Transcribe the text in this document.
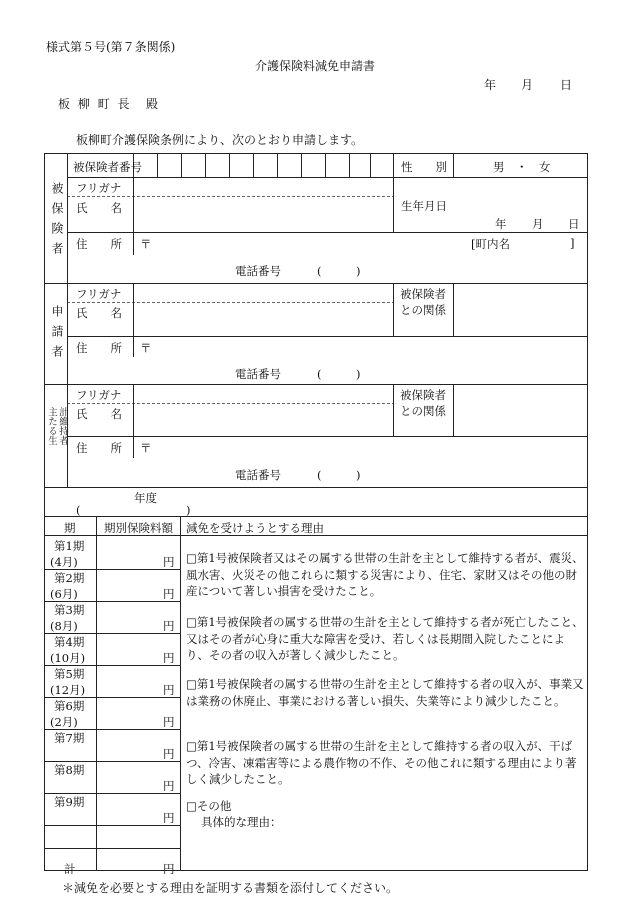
様式第５号(第７条関係)
介護保険料減免申請書
年 月 日
板 柳 町 長 殿
板柳町介護保険条例により、次のとおり申請します。
被保険者
被保険者番号	性　　別	男　・　女
フリガナ
氏　　名	生年月日
年 月 日
住　　所 〒	[町内名	]
電話番号	(　　　)
申請者
フリガナ
氏　　名
被保険者
との関係
住　　所 〒
電話番号	(　　　)
計維持者
主たる生
フリガナ
氏　　名
被保険者
との関係
住　　所 〒
電話番号	(　　　)
年度
(	)
期 期別保険料額 減免を受けようとする理由
第1期
(4月)	円
第2期
(6月)	円
第3期
(8月)	円
第4期
(10月)	円
第5期
(12月)	円
第6期
(2月)	円
第7期
円
第8期
円
第9期
円
計	円
□第1号被保険者又はその属する世帯の生計を主として維持する者が、震災、風水害、火災その他これらに類する災害により、住宅、家財又はその他の財産について著しい損害を受けたこと。
□第1号被保険者の属する世帯の生計を主として維持する者が死亡したこと、又はその者が心身に重大な障害を受け、若しくは長期間入院したことにより、その者の収入が著しく減少したこと。
□第1号被保険者の属する世帯の生計を主として維持する者の収入が、事業又は業務の休廃止、事業における著しい損失、失業等により減少したこと。
□第1号被保険者の属する世帯の生計を主として維持する者の収入が、干ばつ、冷害、凍霜害等による農作物の不作、その他これに類する理由により著しく減少したこと。
□その他
具体的な理由：
＊減免を必要とする理由を証明する書類を添付してください。
